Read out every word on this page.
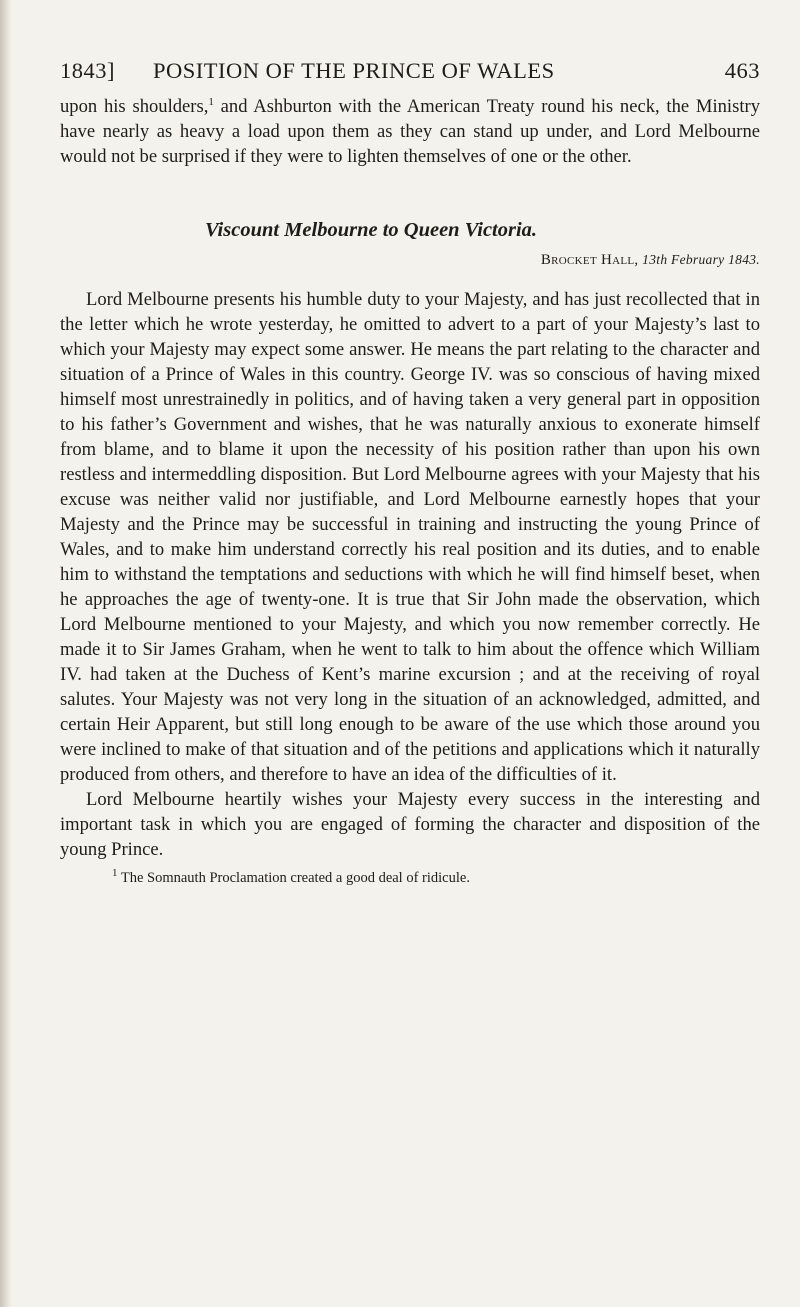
1843] POSITION OF THE PRINCE OF WALES	463

upon his shoulders,$^1$ and Ashburton with the American Treaty round his neck, the Ministry have nearly as heavy a load upon them as they can stand up under, and Lord Melbourne would not be surprised if they were to lighten themselves of one or the other.

Viscount Melbourne to Queen Victoria.
Brocket Hall, 13th February 1843.

Lord Melbourne presents his humble duty to your Majesty, and has just recollected that in the letter which he wrote yesterday, he omitted to advert to a part of your Majesty’s last to which your Majesty may expect some answer. He means the part relating to the character and situation of a Prince of Wales in this country. George IV. was so conscious of having mixed himself most unrestrainedly in politics, and of having taken a very general part in opposition to his father’s Government and wishes, that he was naturally anxious to exonerate himself from blame, and to blame it upon the necessity of his position rather than upon his own restless and intermeddling disposition. But Lord Melbourne agrees with your Majesty that his excuse was neither valid nor justifiable, and Lord Melbourne earnestly hopes that your Majesty and the Prince may be successful in training and instructing the young Prince of Wales, and to make him understand correctly his real position and its duties, and to enable him to withstand the temptations and seductions with which he will find himself beset, when he approaches the age of twenty-one. It is true that Sir John made the observation, which Lord Melbourne mentioned to your Majesty, and which you now remember correctly. He made it to Sir James Graham, when he went to talk to him about the offence which William IV. had taken at the Duchess of Kent’s marine excursion ; and at the receiving of royal salutes. Your Majesty was not very long in the situation of an acknowledged, admitted, and certain Heir Apparent, but still long enough to be aware of the use which those around you were inclined to make of that situation and of the petitions and applications which it naturally produced from others, and therefore to have an idea of the difficulties of it.

Lord Melbourne heartily wishes your Majesty every success in the interesting and important task in which you are engaged of forming the character and disposition of the young Prince.

$^1$ The Somnauth Proclamation created a good deal of ridicule.
